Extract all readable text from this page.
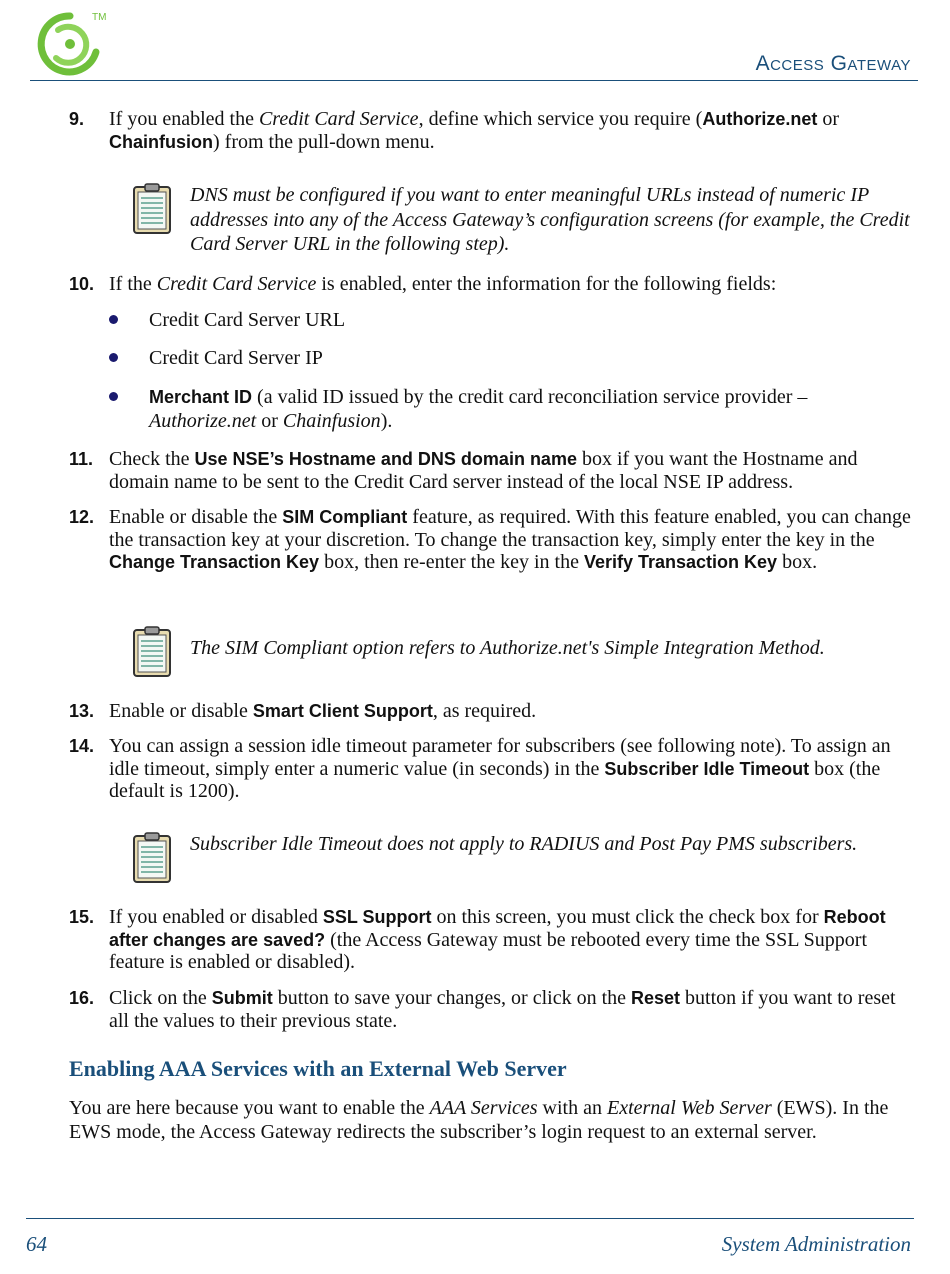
TM
Access Gateway
9. If you enabled the Credit Card Service, define which service you require (Authorize.net or Chainfusion) from the pull-down menu.
DNS must be configured if you want to enter meaningful URLs instead of numeric IP addresses into any of the Access Gateway’s configuration screens (for example, the Credit Card Server URL in the following step).
10. If the Credit Card Service is enabled, enter the information for the following fields:
Credit Card Server URL
Credit Card Server IP
Merchant ID (a valid ID issued by the credit card reconciliation service provider – Authorize.net or Chainfusion).
11. Check the Use NSE’s Hostname and DNS domain name box if you want the Hostname and domain name to be sent to the Credit Card server instead of the local NSE IP address.
12. Enable or disable the SIM Compliant feature, as required. With this feature enabled, you can change the transaction key at your discretion. To change the transaction key, simply enter the key in the Change Transaction Key box, then re-enter the key in the Verify Transaction Key box.
The SIM Compliant option refers to Authorize.net's Simple Integration Method.
13. Enable or disable Smart Client Support, as required.
14. You can assign a session idle timeout parameter for subscribers (see following note). To assign an idle timeout, simply enter a numeric value (in seconds) in the Subscriber Idle Timeout box (the default is 1200).
Subscriber Idle Timeout does not apply to RADIUS and Post Pay PMS subscribers.
15. If you enabled or disabled SSL Support on this screen, you must click the check box for Reboot after changes are saved? (the Access Gateway must be rebooted every time the SSL Support feature is enabled or disabled).
16. Click on the Submit button to save your changes, or click on the Reset button if you want to reset all the values to their previous state.
Enabling AAA Services with an External Web Server
You are here because you want to enable the AAA Services with an External Web Server (EWS). In the EWS mode, the Access Gateway redirects the subscriber’s login request to an external server.
64	System Administration
